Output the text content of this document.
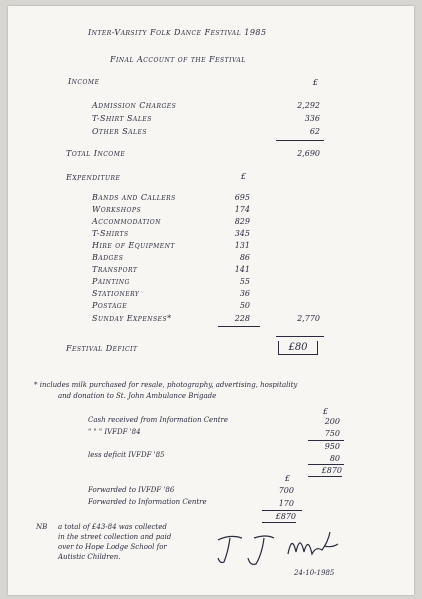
Inter-Varsity Folk Dance Festival 1985
Final Account of the Festival
Income	£
Admission Charges	2,292
T-Shirt Sales	336
Other Sales	62
Total Income	2,690
Expenditure	£
Bands and Callers	695
Workshops	174
Accommodation	829
T-Shirts	345
Hire of Equipment	131
Badges	86
Transport	141
Painting	55
Stationery	36
Postage	50
Sunday Expenses*	228	2,770
Festival Deficit	£80
* includes milk purchased for resale, photography, advertising, hospitality
and donation to St. John Ambulance Brigade
£
Cash received from Information Centre	200
" " " IVFDF '84	750
950
less deficit IVFDF '85	80
£870
£
Forwarded to IVFDF '86	700
Forwarded to Information Centre	170
£870
NB a total of £43-84 was collected
in the street collection and paid
over to Hope Lodge School for
Autistic Children.
24-10-1985
